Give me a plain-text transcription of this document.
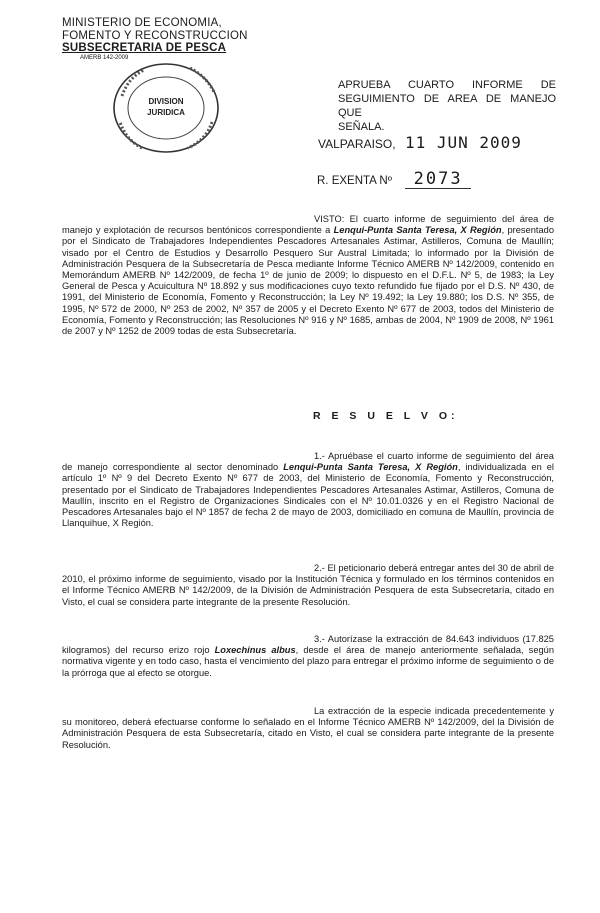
MINISTERIO DE ECONOMIA,
FOMENTO Y RECONSTRUCCION
SUBSECRETARIA DE PESCA
AMERB 142-2009
DIVISION
JURIDICA
APRUEBA CUARTO INFORME DE
SEGUIMIENTO DE AREA DE MANEJO QUE
SEÑALA.
VALPARAISO, 11 JUN 2009
R. EXENTA Nº 2073
VISTO: El cuarto informe de seguimiento del área de manejo y explotación de recursos bentónicos correspondiente a Lenqui-Punta Santa Teresa, X Región, presentado por el Sindicato de Trabajadores Independientes Pescadores Artesanales Astimar, Astilleros, Comuna de Maullín; visado por el Centro de Estudios y Desarrollo Pesquero Sur Austral Limitada; lo informado por la División de Administración Pesquera de la Subsecretaría de Pesca mediante Informe Técnico AMERB Nº 142/2009, contenido en Memorándum AMERB Nº 142/2009, de fecha 1º de junio de 2009; lo dispuesto en el D.F.L. Nº 5, de 1983; la Ley General de Pesca y Acuicultura Nº 18.892 y sus modificaciones cuyo texto refundido fue fijado por el D.S. Nº 430, de 1991, del Ministerio de Economía, Fomento y Reconstrucción; la Ley Nº 19.492; la Ley 19.880; los D.S. Nº 355, de 1995, Nº 572 de 2000, Nº 253 de 2002, Nº 357 de 2005 y el Decreto Exento Nº 677 de 2003, todos del Ministerio de Economía, Fomento y Reconstrucción; las Resoluciones Nº 916 y Nº 1685, ambas de 2004, Nº 1909 de 2008, Nº 1961 de 2007 y Nº 1252 de 2009 todas de esta Subsecretaría.
R E S U E L V O:
1.- Apruébase el cuarto informe de seguimiento del área de manejo correspondiente al sector denominado Lenqui-Punta Santa Teresa, X Región, individualizada en el artículo 1º Nº 9 del Decreto Exento Nº 677 de 2003, del Ministerio de Economía, Fomento y Reconstrucción, presentado por el Sindicato de Trabajadores Independientes Pescadores Artesanales Astimar, Astilleros, Comuna de Maullín, inscrito en el Registro de Organizaciones Sindicales con el Nº 10.01.0326 y en el Registro Nacional de Pescadores Artesanales bajo el Nº 1857 de fecha 2 de mayo de 2003, domiciliado en comuna de Maullín, provincia de Llanquihue, X Región.
2.- El peticionario deberá entregar antes del 30 de abril de 2010, el próximo informe de seguimiento, visado por la Institución Técnica y formulado en los términos contenidos en el Informe Técnico AMERB Nº 142/2009, de la División de Administración Pesquera de esta Subsecretaría, citado en Visto, el cual se considera parte integrante de la presente Resolución.
3.- Autorízase la extracción de 84.643 individuos (17.825 kilogramos) del recurso erizo rojo Loxechinus albus, desde el área de manejo anteriormente señalada, según normativa vigente y en todo caso, hasta el vencimiento del plazo para entregar el próximo informe de seguimiento o de la prórroga que al efecto se otorgue.
La extracción de la especie indicada precedentemente y su monitoreo, deberá efectuarse conforme lo señalado en el Informe Técnico AMERB Nº 142/2009, del la División de Administración Pesquera de esta Subsecretaría, citado en Visto, el cual se considera parte integrante de la presente Resolución.
